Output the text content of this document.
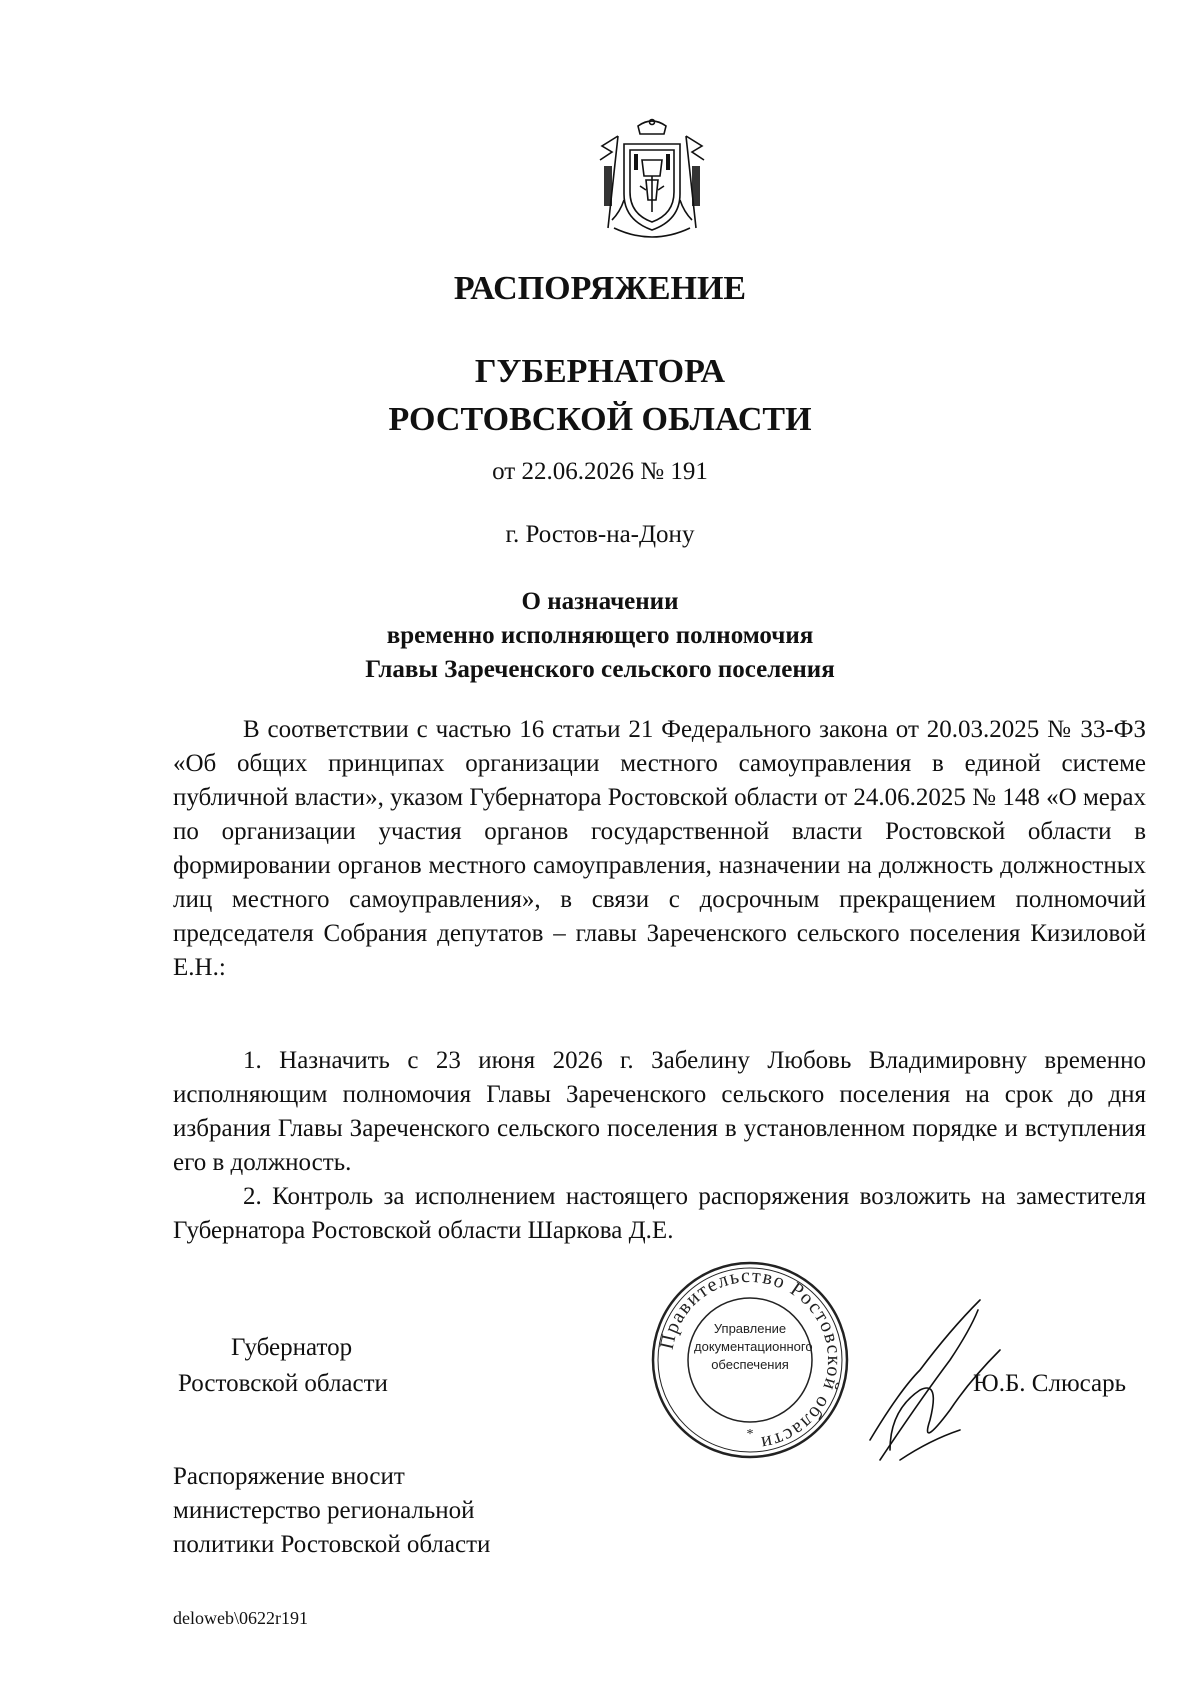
РАСПОРЯЖЕНИЕ
ГУБЕРНАТОРА
РОСТОВСКОЙ ОБЛАСТИ
от 22.06.2026 № 191
г. Ростов-на-Дону
О назначении
временно исполняющего полномочия
Главы Зареченского сельского поселения

В соответствии с частью 16 статьи 21 Федерального закона от 20.03.2025 № 33-ФЗ «Об общих принципах организации местного самоуправления в единой системе публичной власти», указом Губернатора Ростовской области от 24.06.2025 № 148 «О мерах по организации участия органов государственной власти Ростовской области в формировании органов местного самоуправления, назначении на должность должностных лиц местного самоуправления», в связи с досрочным прекращением полномочий председателя Собрания депутатов – главы Зареченского сельского поселения Кизиловой Е.Н.:

1. Назначить с 23 июня 2026 г. Забелину Любовь Владимировну временно исполняющим полномочия Главы Зареченского сельского поселения на срок до дня избрания Главы Зареченского сельского поселения в установленном порядке и вступления его в должность.

2. Контроль за исполнением настоящего распоряжения возложить на заместителя Губернатора Ростовской области Шаркова Д.Е.

Губернатор
Ростовской области
Правительство Ростовской области
*
Управление
документационного
обеспечения
Ю.Б. Слюсарь
Распоряжение вносит
министерство региональной
политики Ростовской области
deloweb\0622r191
